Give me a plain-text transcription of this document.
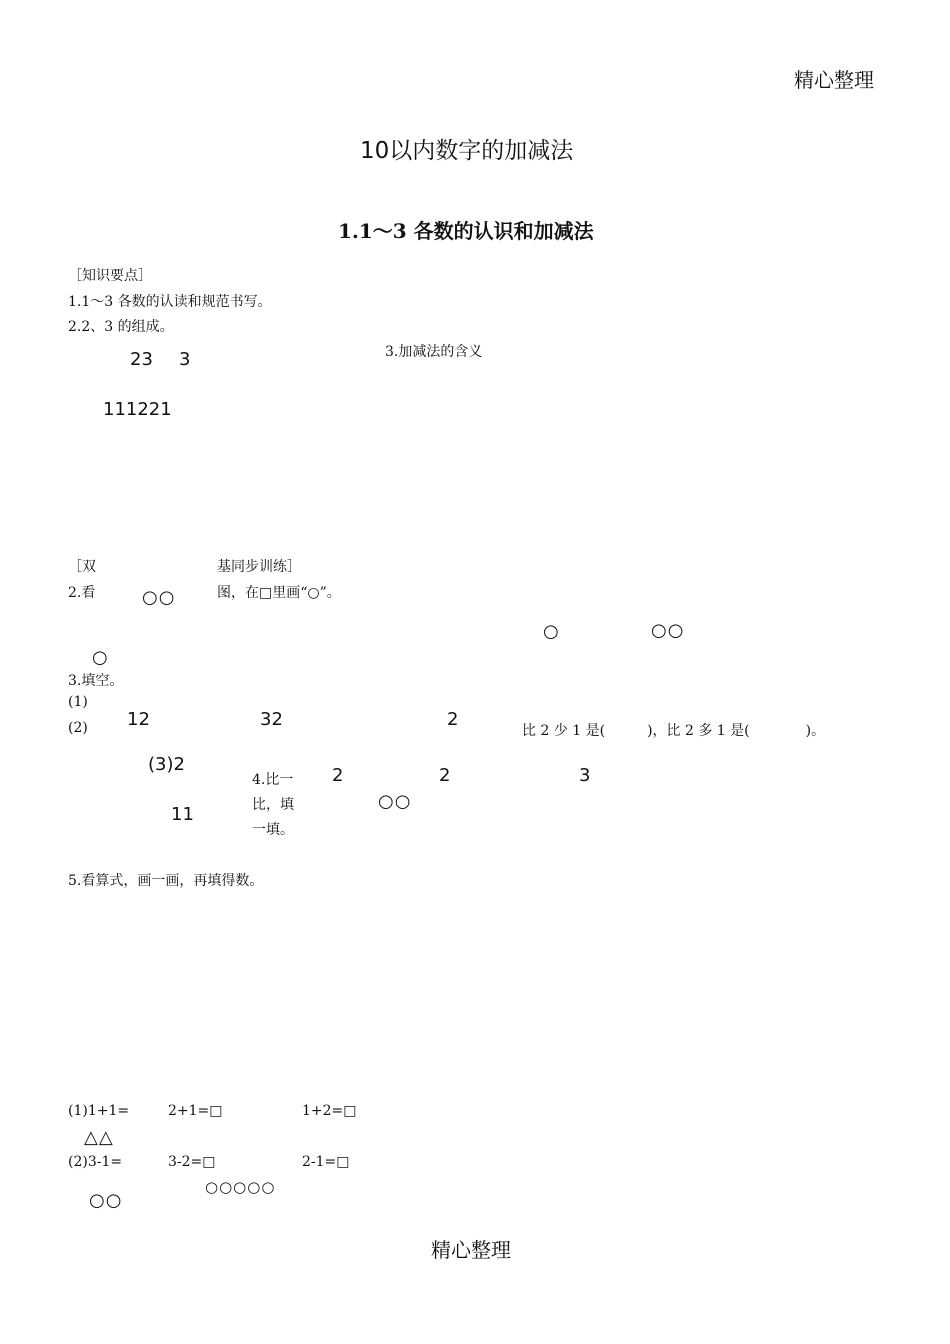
精心整理
10以内数字的加减法
1.1～3 各数的认识和加减法
［知识要点］
1.1～3 各数的认读和规范书写。
2.2、3 的组成。
3.加减法的含义
23 3
111221
［双	基同步训练］
2.看	○○	图，在□里画“○”。
○	○○
○
3.填空。
(1)
(2) 12	32	2
比 2 少 1 是(　　　)，比 2 多 1 是(　　　　)。
(3)2
11
4.比一
比，填
一填。
2	2	3
○○
5.看算式，画一画，再填得数。
(1)1+1=	2+1=□	1+2=□
△△
(2)3-1=	3-2=□	2-1=□
○○○○○
○○
精心整理
